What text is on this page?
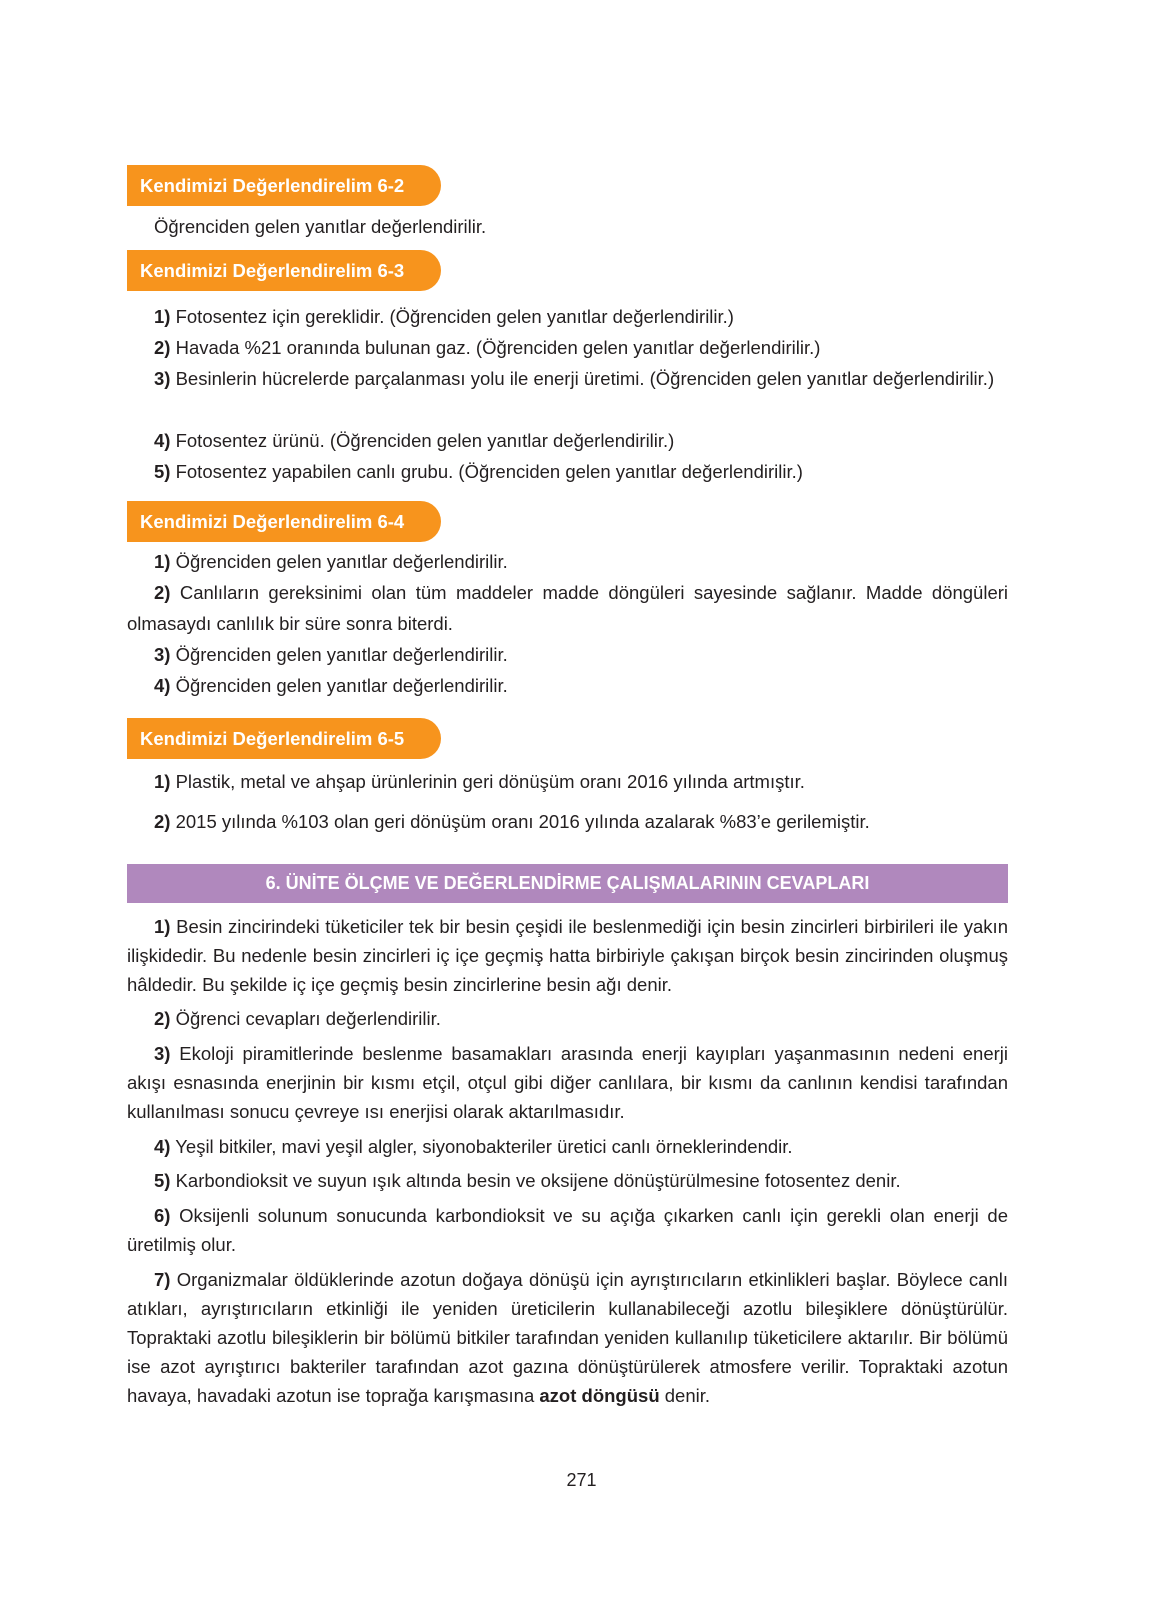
Kendimizi Değerlendirelim 6-2
Öğrenciden gelen yanıtlar değerlendirilir.
Kendimizi Değerlendirelim 6-3
1) Fotosentez için gereklidir. (Öğrenciden gelen yanıtlar değerlendirilir.)
2) Havada %21 oranında bulunan gaz. (Öğrenciden gelen yanıtlar değerlendirilir.)
3) Besinlerin hücrelerde parçalanması yolu ile enerji üretimi. (Öğrenciden gelen yanıtlar değerlendirilir.)
4) Fotosentez ürünü. (Öğrenciden gelen yanıtlar değerlendirilir.)
5) Fotosentez yapabilen canlı grubu. (Öğrenciden gelen yanıtlar değerlendirilir.)
Kendimizi Değerlendirelim 6-4
1) Öğrenciden gelen yanıtlar değerlendirilir.
2) Canlıların gereksinimi olan tüm maddeler madde döngüleri sayesinde sağlanır. Madde döngüleri olmasaydı canlılık bir süre sonra biterdi.
3) Öğrenciden gelen yanıtlar değerlendirilir.
4) Öğrenciden gelen yanıtlar değerlendirilir.
Kendimizi Değerlendirelim 6-5
1) Plastik, metal ve ahşap ürünlerinin geri dönüşüm oranı 2016 yılında artmıştır.
2) 2015 yılında %103 olan geri dönüşüm oranı 2016 yılında azalarak %83’e gerilemiştir.
6. ÜNİTE ÖLÇME VE DEĞERLENDİRME ÇALIŞMALARININ CEVAPLARI
1) Besin zincirindeki tüketiciler tek bir besin çeşidi ile beslenmediği için besin zincirleri birbirileri ile yakın ilişkidedir. Bu nedenle besin zincirleri iç içe geçmiş hatta birbiriyle çakışan birçok besin zincirinden oluşmuş hâldedir. Bu şekilde iç içe geçmiş besin zincirlerine besin ağı denir.
2) Öğrenci cevapları değerlendirilir.
3) Ekoloji piramitlerinde beslenme basamakları arasında enerji kayıpları yaşanmasının nedeni enerji akışı esnasında enerjinin bir kısmı etçil, otçul gibi diğer canlılara, bir kısmı da canlının kendisi tarafından kullanılması sonucu çevreye ısı enerjisi olarak aktarılmasıdır.
4) Yeşil bitkiler, mavi yeşil algler, siyonobakteriler üretici canlı örneklerindendir.
5) Karbondioksit ve suyun ışık altında besin ve oksijene dönüştürülmesine fotosentez denir.
6) Oksijenli solunum sonucunda karbondioksit ve su açığa çıkarken canlı için gerekli olan enerji de üretilmiş olur.
7) Organizmalar öldüklerinde azotun doğaya dönüşü için ayrıştırıcıların etkinlikleri başlar. Böylece canlı atıkları, ayrıştırıcıların etkinliği ile yeniden üreticilerin kullanabileceği azotlu bileşiklere dönüştürülür. Topraktaki azotlu bileşiklerin bir bölümü bitkiler tarafından yeniden kullanılıp tüketicilere aktarılır. Bir bölümü ise azot ayrıştırıcı bakteriler tarafından azot gazına dönüştürülerek atmosfere verilir. Topraktaki azotun havaya, havadaki azotun ise toprağa karışmasına azot döngüsü denir.
271
